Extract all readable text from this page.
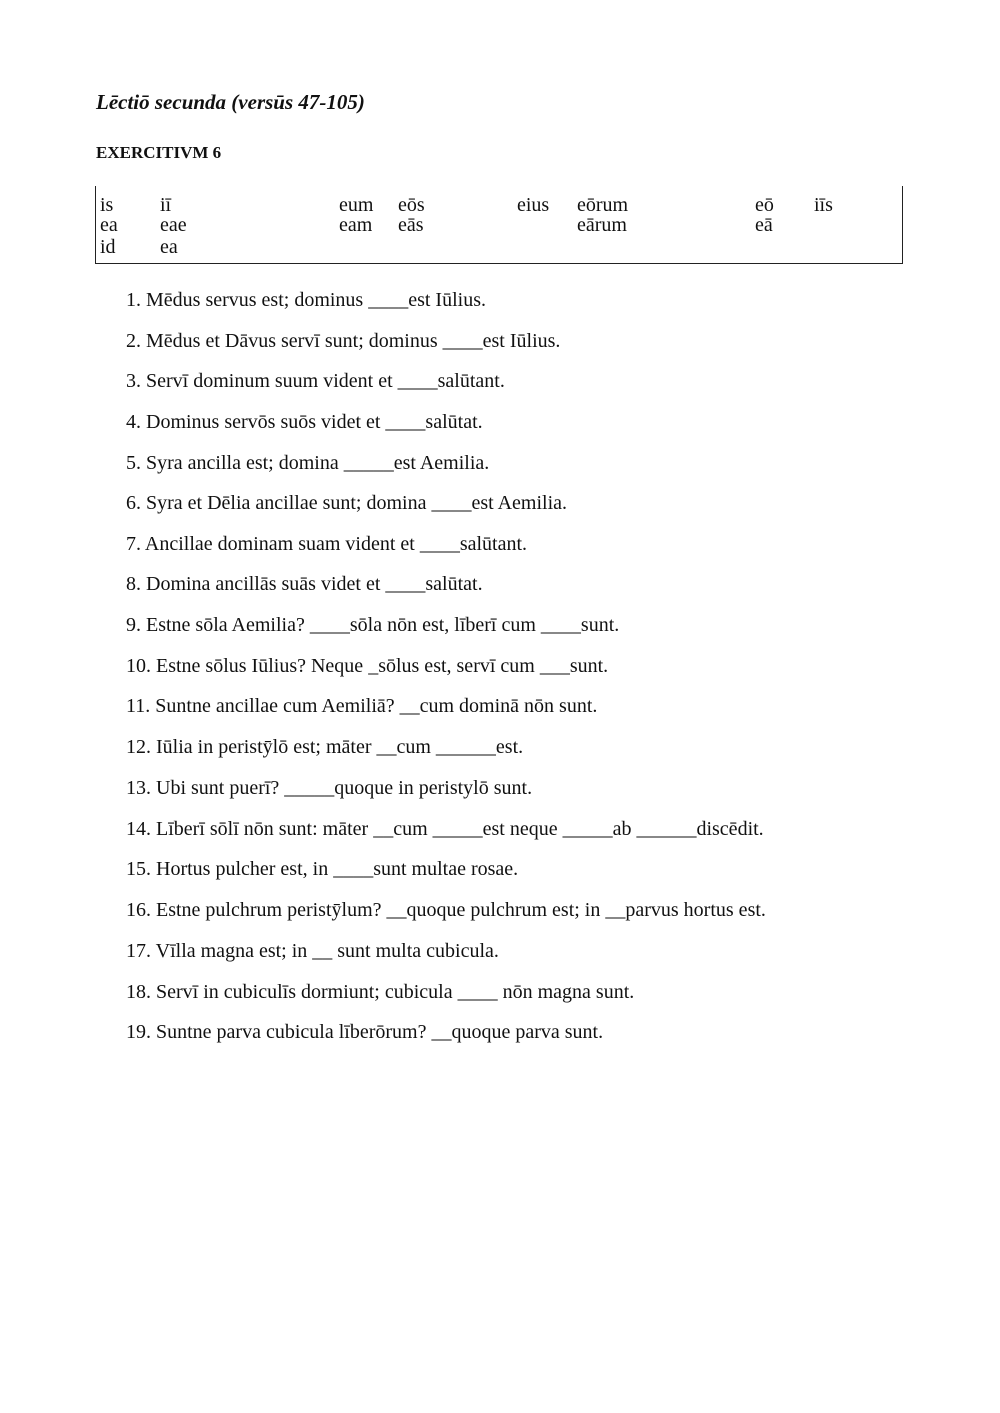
Lēctiō secunda (versūs 47-105)
EXERCITIVM 6
is
ea
id
iī
eae
ea
eum
eam
eōs
eās
eius eōrum
eārum
eō
eā
iīs
1. Mēdus servus est; dominus ____est Iūlius.
2. Mēdus et Dāvus servī sunt; dominus ____est Iūlius.
3. Servī dominum suum vident et ____salūtant.
4. Dominus servōs suōs videt et ____salūtat.
5. Syra ancilla est; domina _____est Aemilia.
6. Syra et Dēlia ancillae sunt; domina ____est Aemilia.
7. Ancillae dominam suam vident et ____salūtant.
8. Domina ancillās suās videt et ____salūtat.
9. Estne sōla Aemilia? ____sōla nōn est, līberī cum ____sunt.
10. Estne sōlus Iūlius? Neque _sōlus est, servī cum ___sunt.
11. Suntne ancillae cum Aemiliā? __cum dominā nōn sunt.
12. Iūlia in peristȳlō est; māter __cum ______est.
13. Ubi sunt puerī? _____quoque in peristylō sunt.
14. Līberī sōlī nōn sunt: māter __cum _____est neque _____ab ______discēdit.
15. Hortus pulcher est, in ____sunt multae rosae.
16. Estne pulchrum peristȳlum? __quoque pulchrum est; in __parvus hortus est.
17. Vīlla magna est; in __ sunt multa cubicula.
18. Servī in cubiculīs dormiunt; cubicula ____ nōn magna sunt.
19. Suntne parva cubicula līberōrum? __quoque parva sunt.
